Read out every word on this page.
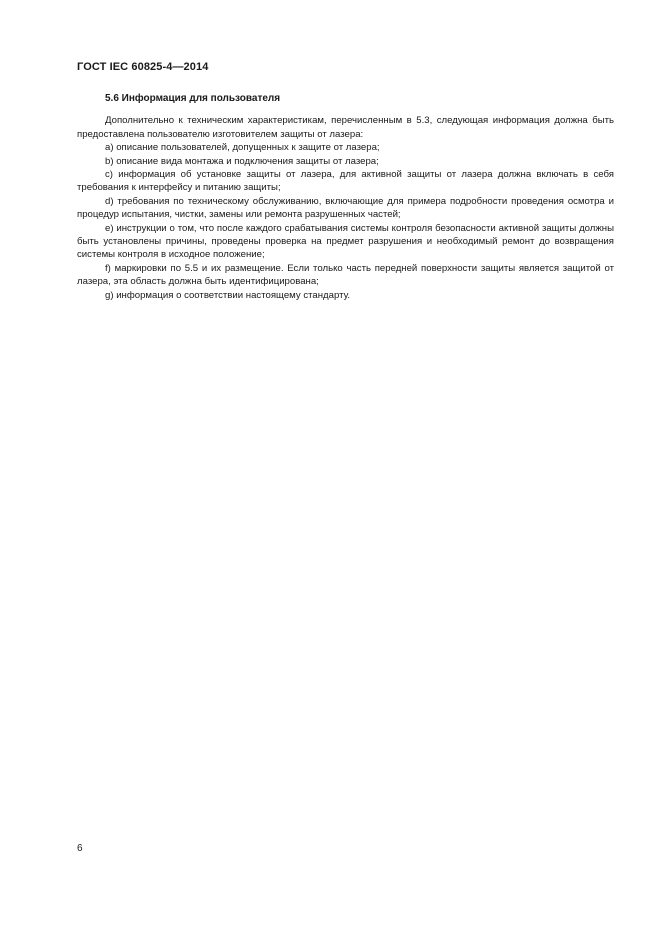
ГОСТ IEC 60825-4—2014
5.6 Информация для пользователя

Дополнительно к техническим характеристикам, перечисленным в 5.3, следующая информация должна быть предоставлена пользователю изготовителем защиты от лазера:

a) описание пользователей, допущенных к защите от лазера;

b) описание вида монтажа и подключения защиты от лазера;

c) информация об установке защиты от лазера, для активной защиты от лазера должна включать в себя требования к интерфейсу и питанию защиты;

d) требования по техническому обслуживанию, включающие для примера подробности проведения осмотра и процедур испытания, чистки, замены или ремонта разрушенных частей;

e) инструкции о том, что после каждого срабатывания системы контроля безопасности активной защиты должны быть установлены причины, проведены проверка на предмет разрушения и необходимый ремонт до возвращения системы контроля в исходное положение;

f) маркировки по 5.5 и их размещение. Если только часть передней поверхности защиты является защитой от лазера, эта область должна быть идентифицирована;

g) информация о соответствии настоящему стандарту.

6
